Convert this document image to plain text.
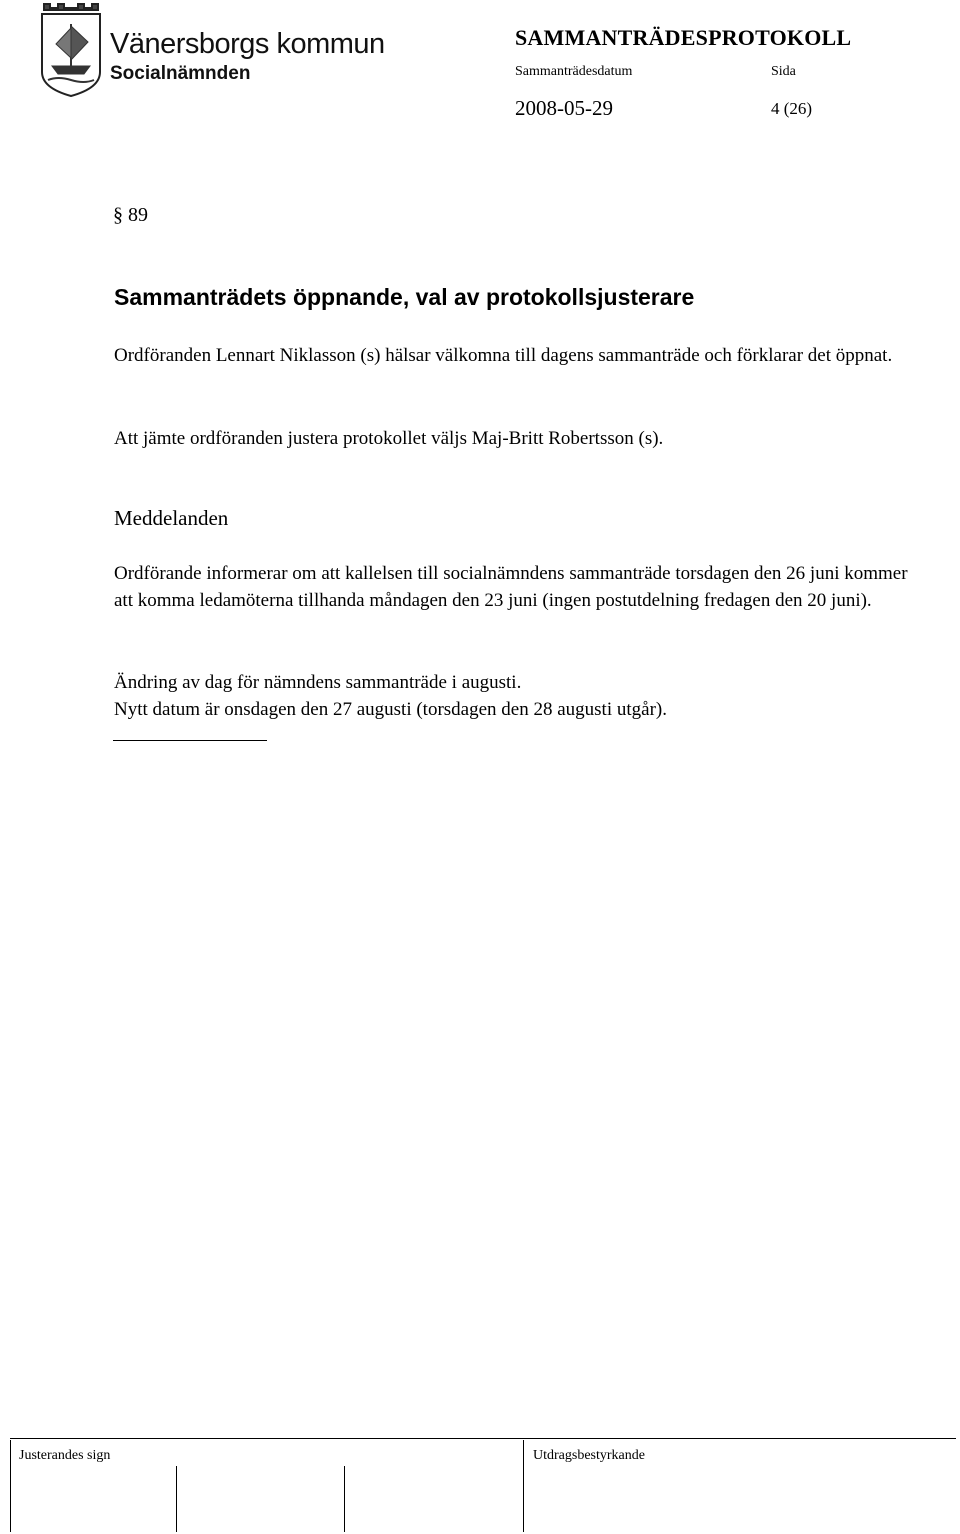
Vänersborgs kommun
Socialnämnden
SAMMANTRÄDESPROTOKOLL
Sammanträdesdatum	Sida
2008-05-29	4 (26)
§ 89
Sammanträdets öppnande, val av protokollsjusterare
Ordföranden Lennart Niklasson (s) hälsar välkomna till dagens sammanträde och förklarar det öppnat.
Att jämte ordföranden justera protokollet väljs Maj-Britt Robertsson (s).
Meddelanden
Ordförande informerar om att kallelsen till socialnämndens sammanträde torsdagen den 26 juni kommer att komma ledamöterna tillhanda måndagen den 23 juni (ingen postutdelning fredagen den 20 juni).
Ändring av dag för nämndens sammanträde i augusti.
Nytt datum är onsdagen den 27 augusti (torsdagen den 28 augusti utgår).
Justerandes sign	Utdragsbestyrkande
